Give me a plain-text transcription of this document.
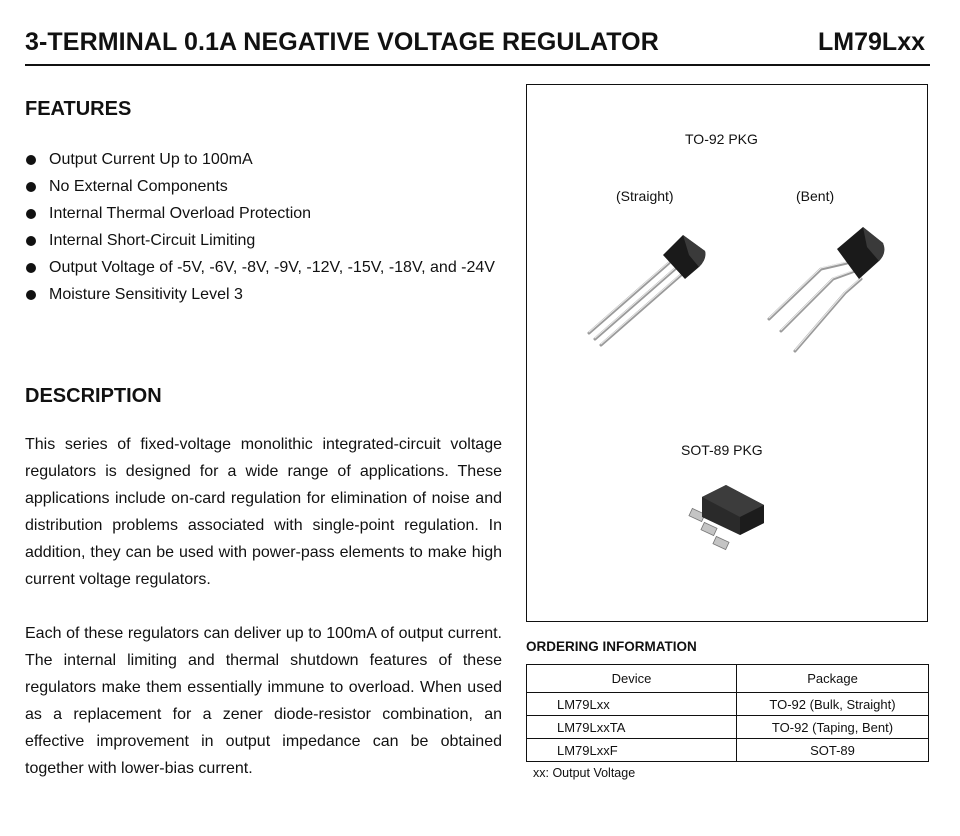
3-TERMINAL 0.1A NEGATIVE VOLTAGE REGULATOR	LM79Lxx
FEATURES
Output Current Up to 100mA
No External Components
Internal Thermal Overload Protection
Internal Short-Circuit Limiting
Output Voltage of -5V, -6V, -8V, -9V, -12V, -15V, -18V, and -24V
Moisture Sensitivity Level 3
DESCRIPTION
This series of fixed-voltage monolithic integrated-circuit voltage regulators is designed for a wide range of applications. These applications include on-card regulation for elimination of noise and distribution problems associated with single-point regulation. In addition, they can be used with power-pass elements to make high current voltage regulators.
Each of these regulators can deliver up to 100mA of output current. The internal limiting and thermal shutdown features of these regulators make them essentially immune to overload. When used as a replacement for a zener diode-resistor combination, an effective improvement in output impedance can be obtained together with lower-bias current.
TO-92 PKG
(Straight)	(Bent)
SOT-89 PKG
ORDERING INFORMATION
Device	Package
LM79Lxx	TO-92 (Bulk, Straight)
LM79LxxTA	TO-92 (Taping, Bent)
LM79LxxF	SOT-89
xx: Output Voltage
